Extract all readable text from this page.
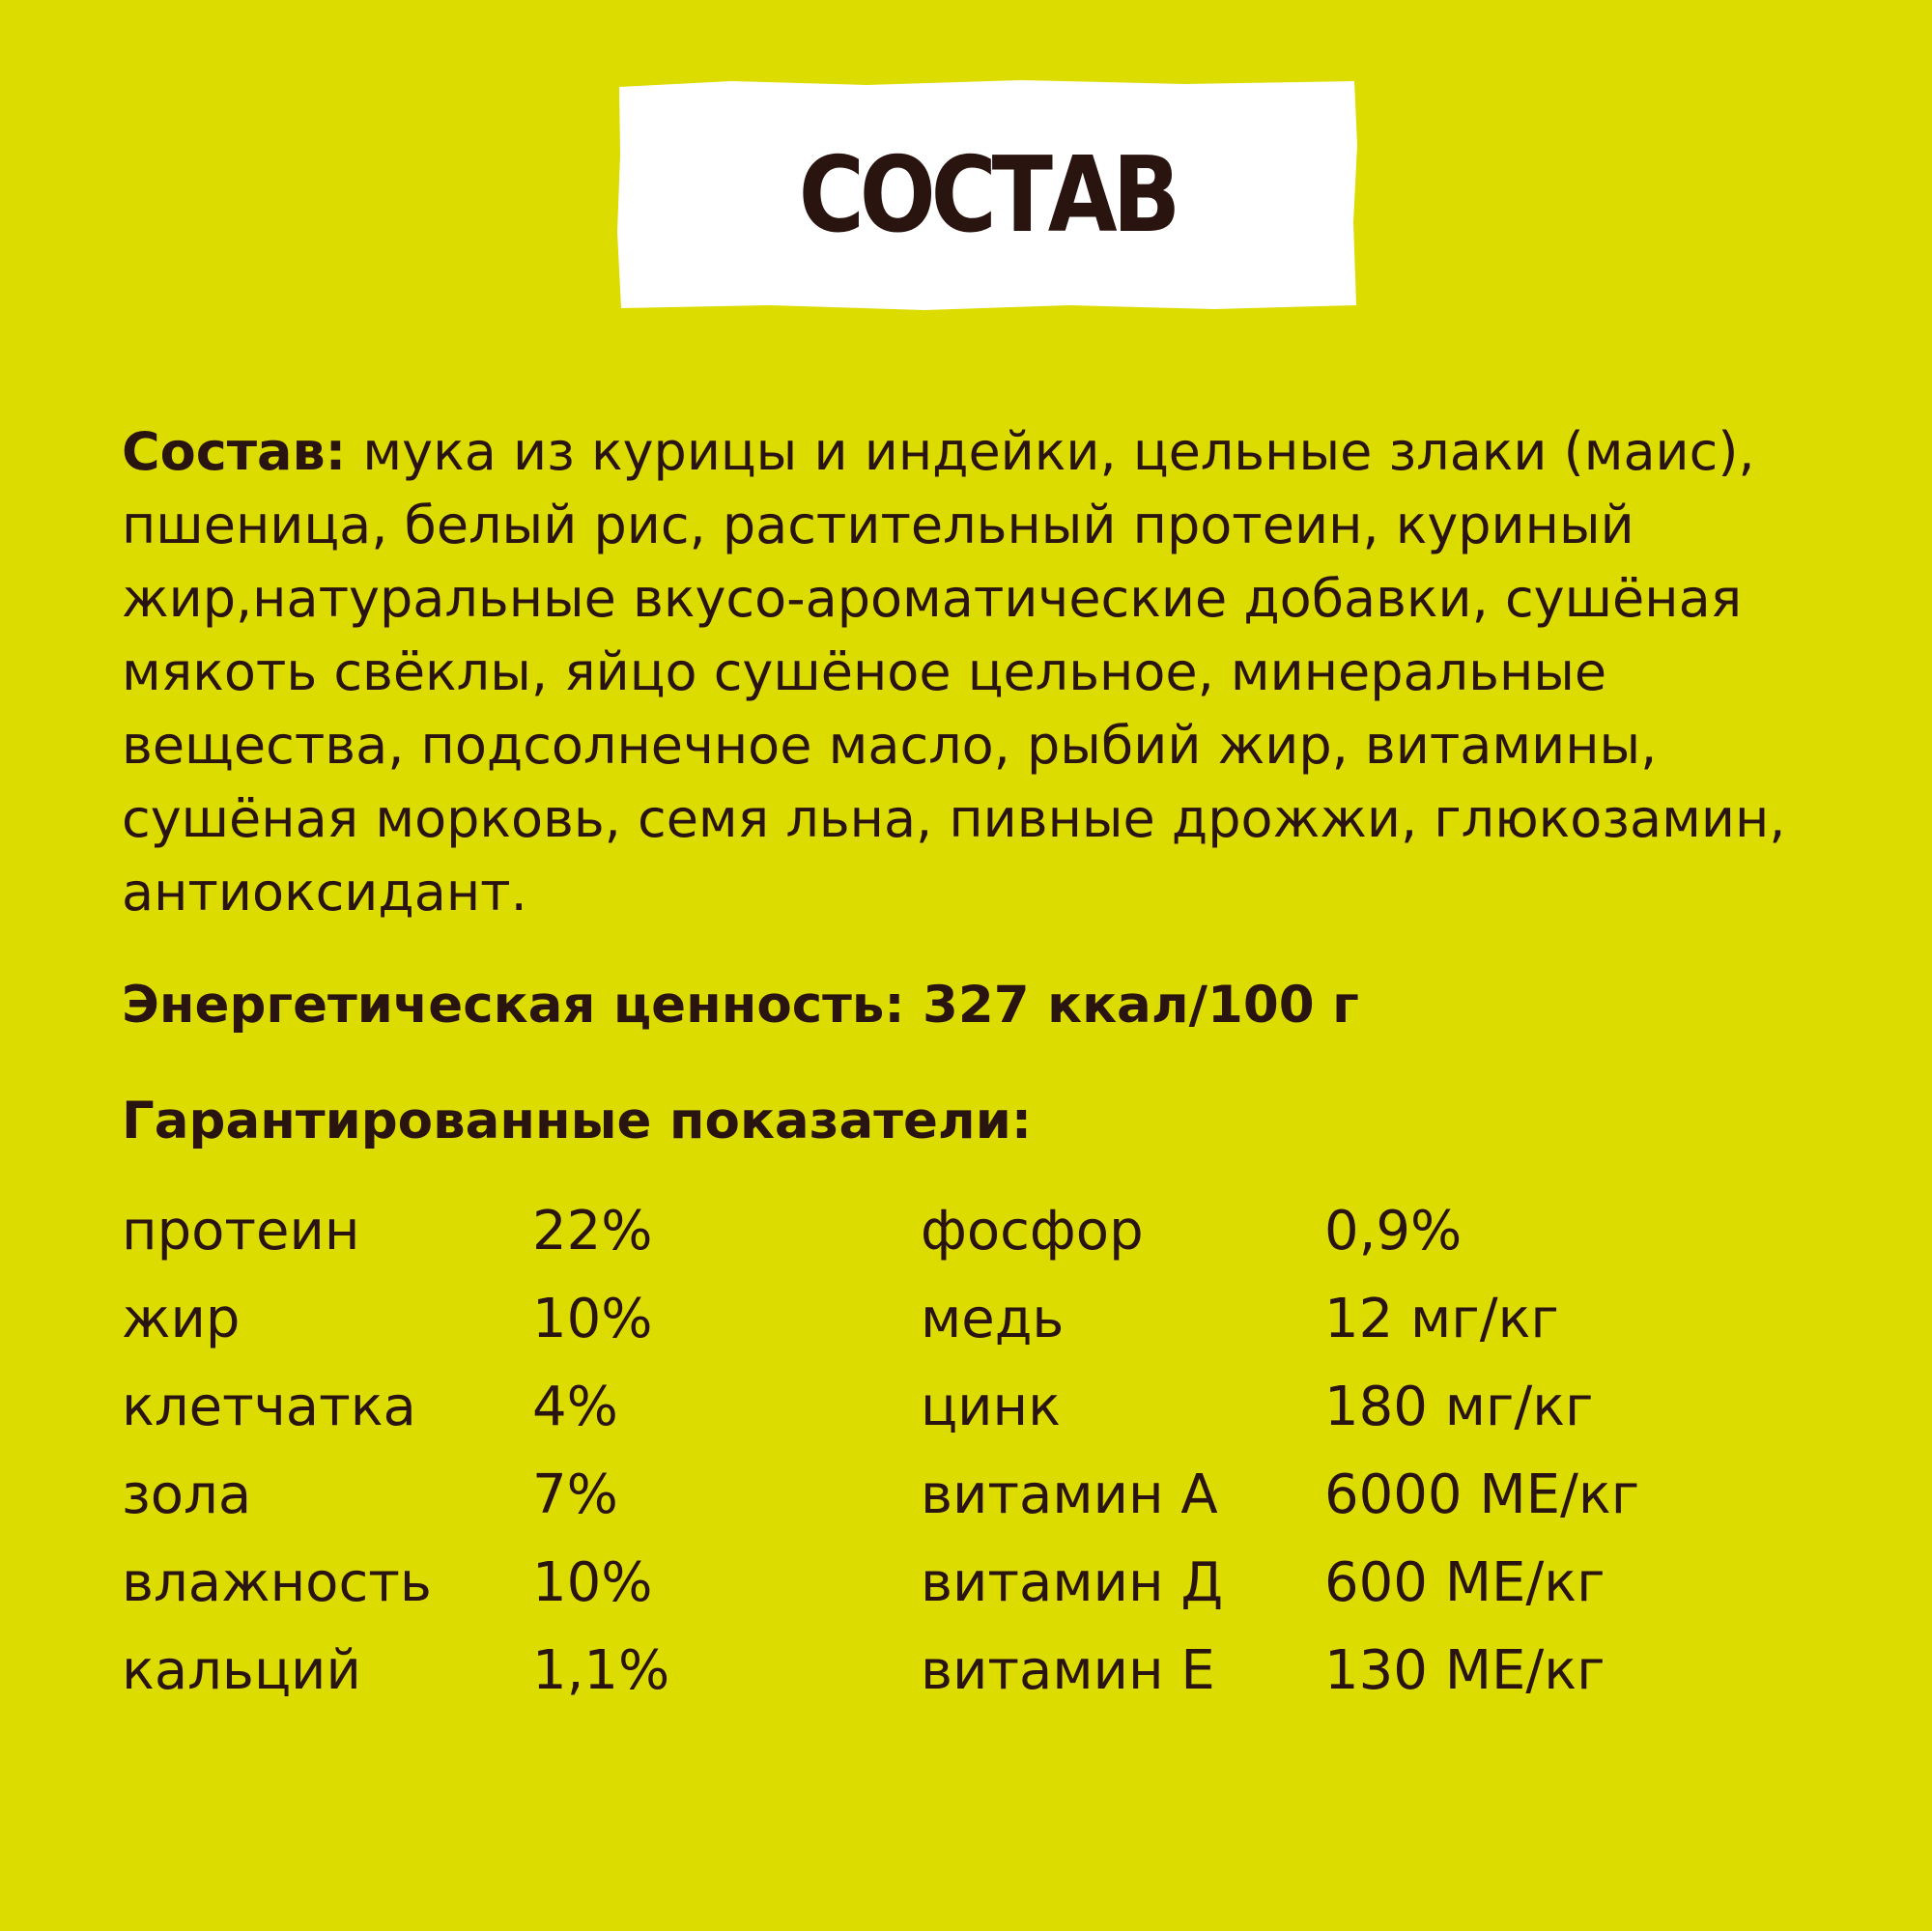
СОСТАВ
Состав: мука из курицы и индейки, цельные злаки (маис), пшеница, белый рис, растительный протеин, куриный жир,натуральные вкусо-ароматические добавки, сушёная мякоть свёклы, яйцо сушёное цельное, минеральные вещества, подсолнечное масло, рыбий жир, витамины, сушёная морковь, семя льна, пивные дрожжи, глюкозамин, антиоксидант.
Энергетическая ценность: 327 ккал/100 г
Гарантированные показатели:
протеин	22%	фосфор	0,9%
жир	10%	медь	12 мг/кг
клетчатка 4%	цинк	180 мг/кг
зола	7%	витамин А 6000 МЕ/кг
влажность 10%	витамин Д 600 МЕ/кг
кальций	1,1%	витамин Е 130 МЕ/кг
